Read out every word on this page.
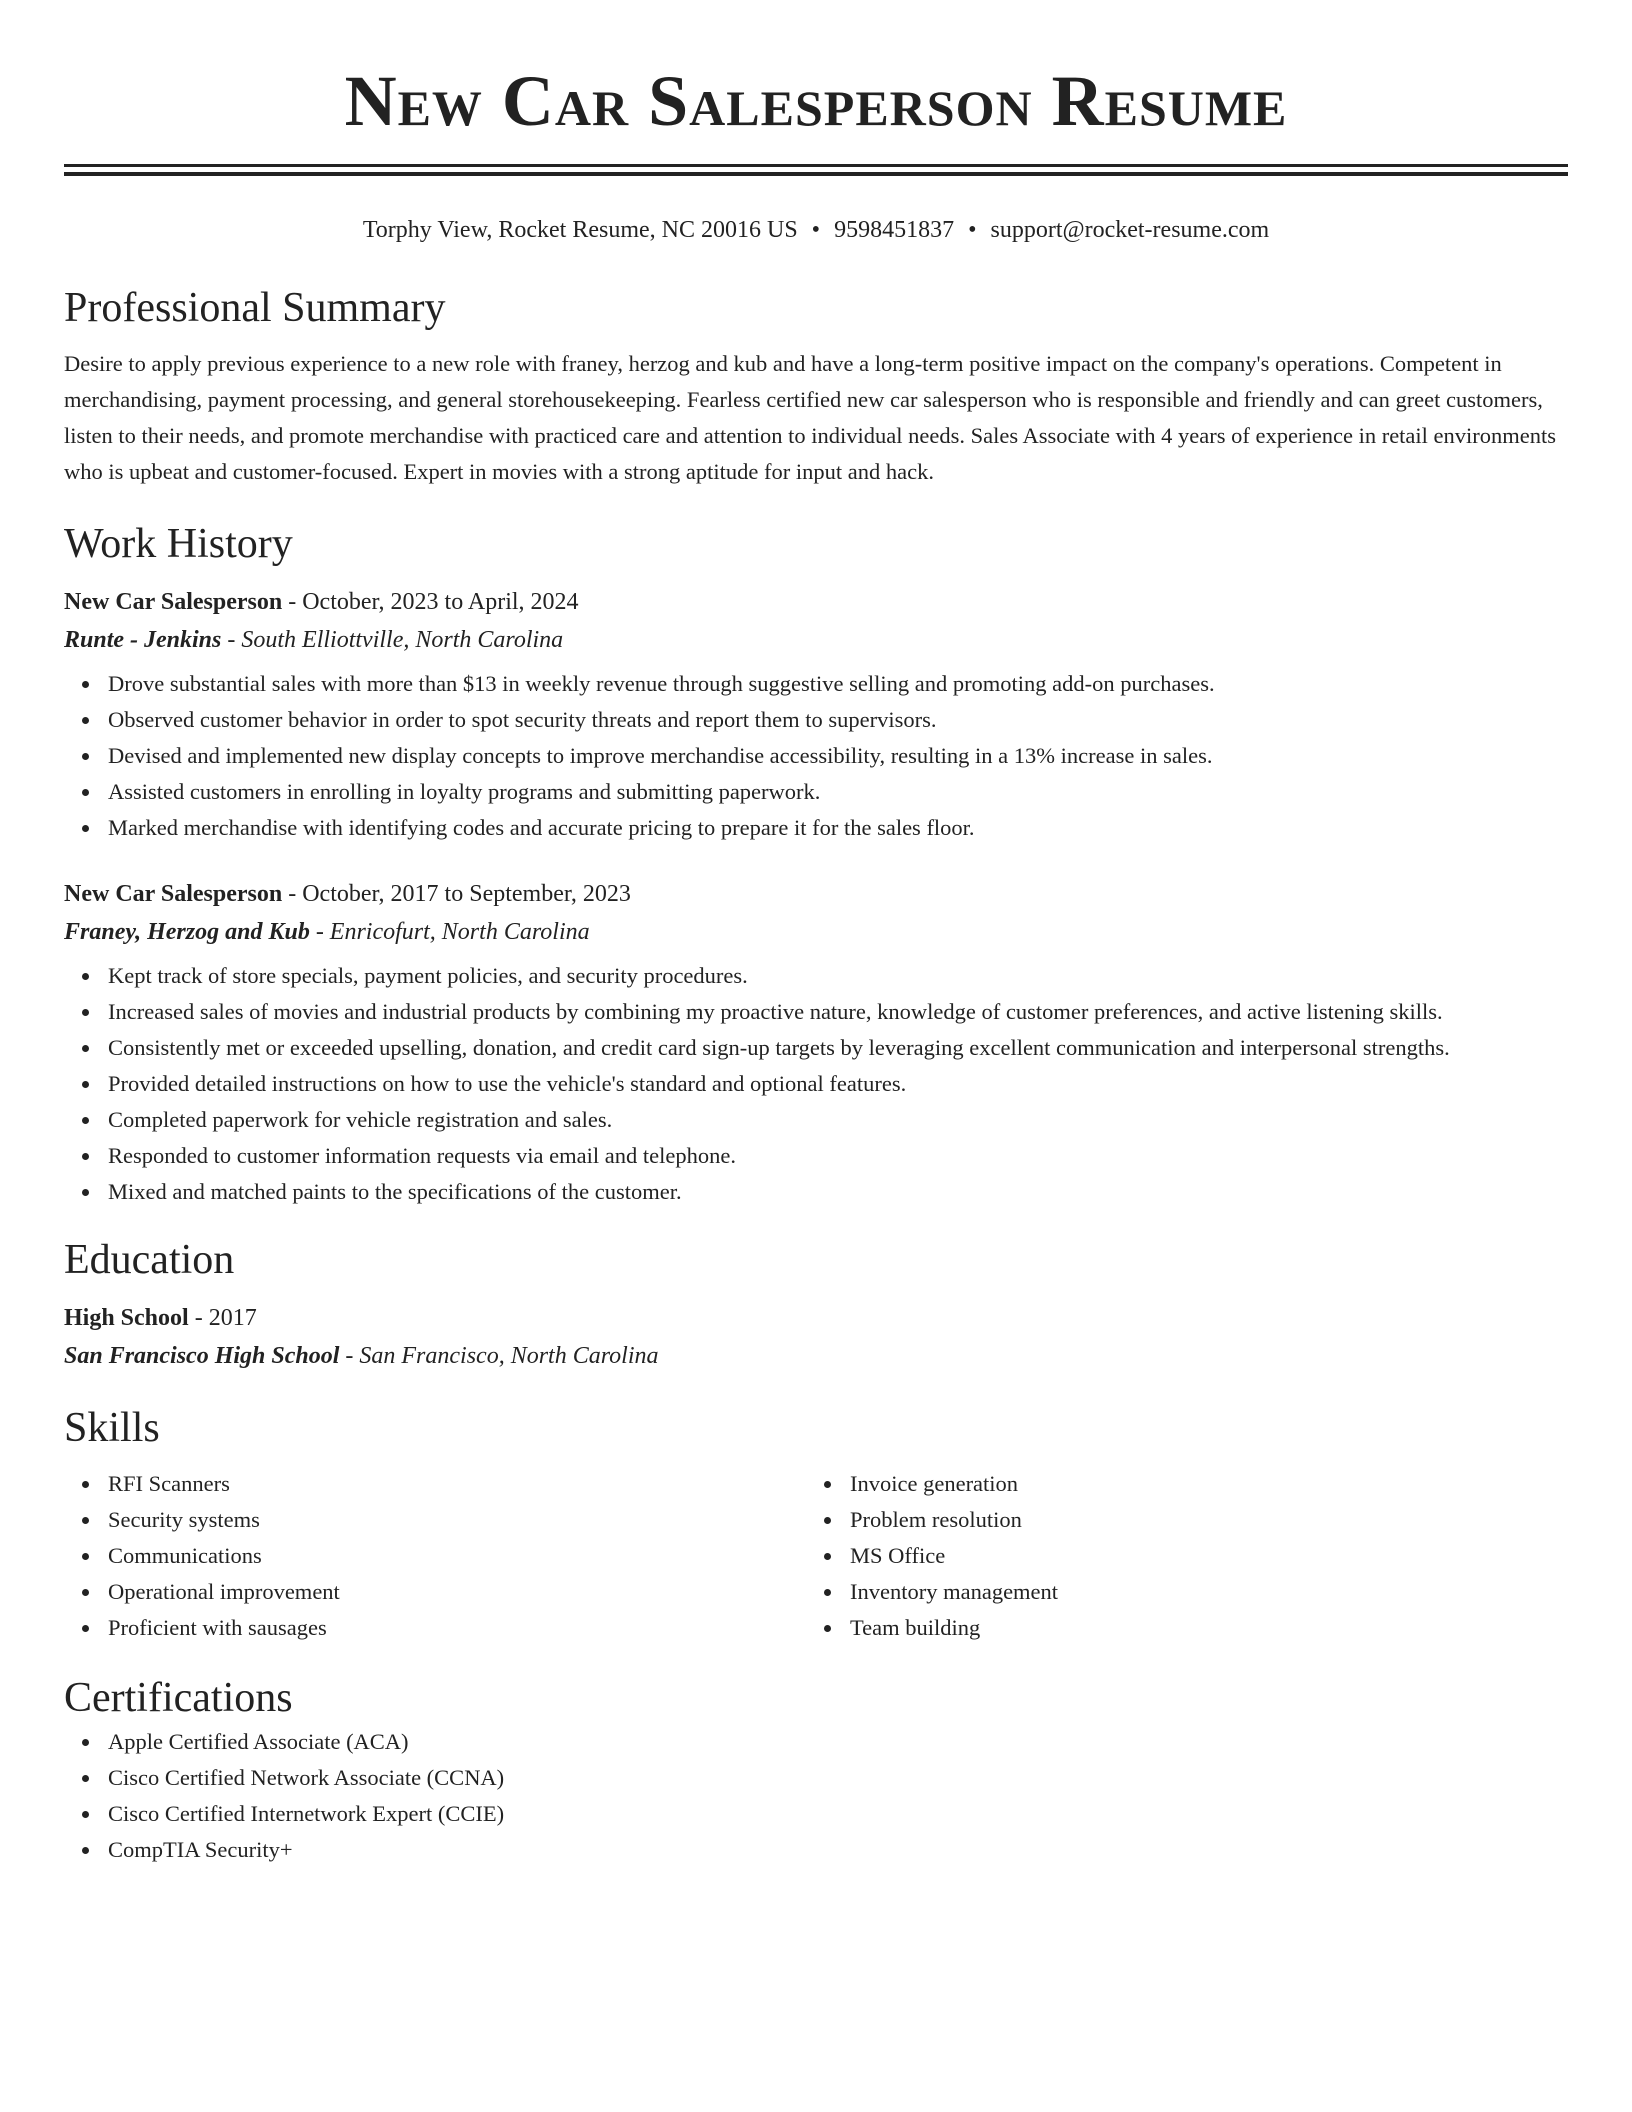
New Car Salesperson Resume
Torphy View, Rocket Resume, NC 20016 US • 9598451837 • support@rocket-resume.com
Professional Summary

Desire to apply previous experience to a new role with franey, herzog and kub and have a long-term positive impact on the company's operations. Competent in merchandising, payment processing, and general storehousekeeping. Fearless certified new car salesperson who is responsible and friendly and can greet customers, listen to their needs, and promote merchandise with practiced care and attention to individual needs. Sales Associate with 4 years of experience in retail environments who is upbeat and customer-focused. Expert in movies with a strong aptitude for input and hack.

Work History
New Car Salesperson - October, 2023 to April, 2024
Runte - Jenkins - South Elliottville, North Carolina
Drove substantial sales with more than $13 in weekly revenue through suggestive selling and promoting add-on purchases.
Observed customer behavior in order to spot security threats and report them to supervisors.
Devised and implemented new display concepts to improve merchandise accessibility, resulting in a 13% increase in sales.
Assisted customers in enrolling in loyalty programs and submitting paperwork.
Marked merchandise with identifying codes and accurate pricing to prepare it for the sales floor.
New Car Salesperson - October, 2017 to September, 2023
Franey, Herzog and Kub - Enricofurt, North Carolina
Kept track of store specials, payment policies, and security procedures.
Increased sales of movies and industrial products by combining my proactive nature, knowledge of customer preferences, and active listening skills.
Consistently met or exceeded upselling, donation, and credit card sign-up targets by leveraging excellent communication and interpersonal strengths.
Provided detailed instructions on how to use the vehicle's standard and optional features.
Completed paperwork for vehicle registration and sales.
Responded to customer information requests via email and telephone.
Mixed and matched paints to the specifications of the customer.
Education
High School - 2017
San Francisco High School - San Francisco, North Carolina
Skills
RFI Scanners
Security systems
Communications
Operational improvement
Proficient with sausages
Invoice generation
Problem resolution
MS Office
Inventory management
Team building
Certifications
Apple Certified Associate (ACA)
Cisco Certified Network Associate (CCNA)
Cisco Certified Internetwork Expert (CCIE)
CompTIA Security+
